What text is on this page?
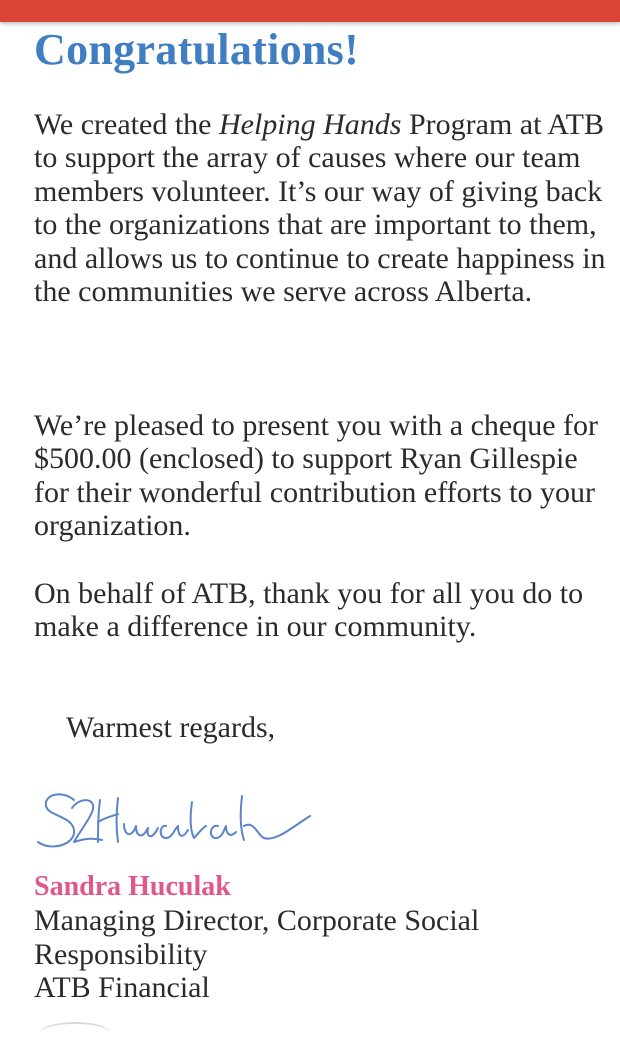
Congratulations!

We created the Helping Hands Program at ATB to support the array of causes where our team members volunteer. It’s our way of giving back to the organizations that are important to them, and allows us to continue to create happiness in the communities we serve across Alberta.

We’re pleased to present you with a cheque for $500.00 (enclosed) to support Ryan Gillespie for their wonderful contribution efforts to your organization.

On behalf of ATB, thank you for all you do to make a difference in our community.

Warmest regards,

Sandra Huculak

Managing Director, Corporate Social Responsibility
ATB Financial
